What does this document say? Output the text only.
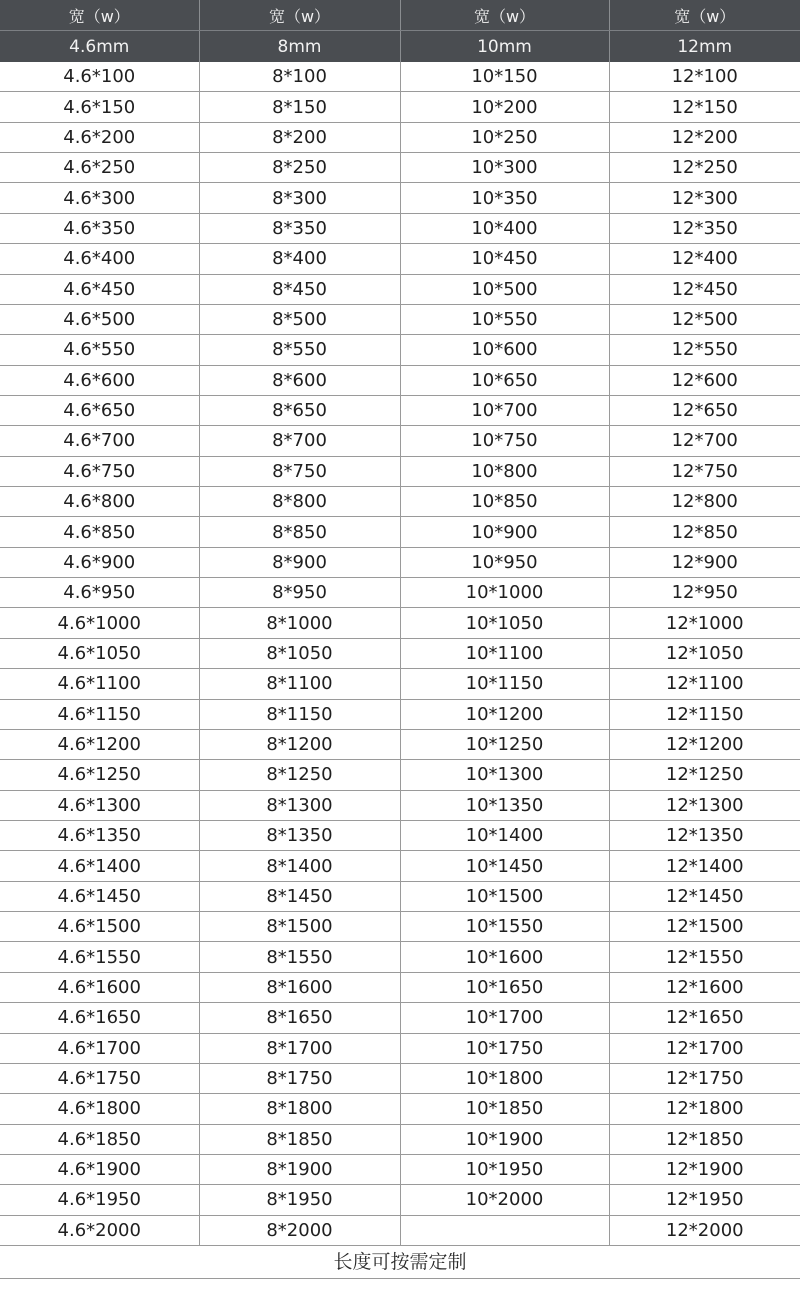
宽（w）	宽（w）	宽（w）	宽（w）
4.6mm	8mm	10mm	12mm
4.6*100	8*100	10*150	12*100
4.6*150	8*150	10*200	12*150
4.6*200	8*200	10*250	12*200
4.6*250	8*250	10*300	12*250
4.6*300	8*300	10*350	12*300
4.6*350	8*350	10*400	12*350
4.6*400	8*400	10*450	12*400
4.6*450	8*450	10*500	12*450
4.6*500	8*500	10*550	12*500
4.6*550	8*550	10*600	12*550
4.6*600	8*600	10*650	12*600
4.6*650	8*650	10*700	12*650
4.6*700	8*700	10*750	12*700
4.6*750	8*750	10*800	12*750
4.6*800	8*800	10*850	12*800
4.6*850	8*850	10*900	12*850
4.6*900	8*900	10*950	12*900
4.6*950	8*950	10*1000	12*950
4.6*1000	8*1000	10*1050	12*1000
4.6*1050	8*1050	10*1100	12*1050
4.6*1100	8*1100	10*1150	12*1100
4.6*1150	8*1150	10*1200	12*1150
4.6*1200	8*1200	10*1250	12*1200
4.6*1250	8*1250	10*1300	12*1250
4.6*1300	8*1300	10*1350	12*1300
4.6*1350	8*1350	10*1400	12*1350
4.6*1400	8*1400	10*1450	12*1400
4.6*1450	8*1450	10*1500	12*1450
4.6*1500	8*1500	10*1550	12*1500
4.6*1550	8*1550	10*1600	12*1550
4.6*1600	8*1600	10*1650	12*1600
4.6*1650	8*1650	10*1700	12*1650
4.6*1700	8*1700	10*1750	12*1700
4.6*1750	8*1750	10*1800	12*1750
4.6*1800	8*1800	10*1850	12*1800
4.6*1850	8*1850	10*1900	12*1850
4.6*1900	8*1900	10*1950	12*1900
4.6*1950	8*1950	10*2000	12*1950
4.6*2000	8*2000		12*2000
长度可按需定制
